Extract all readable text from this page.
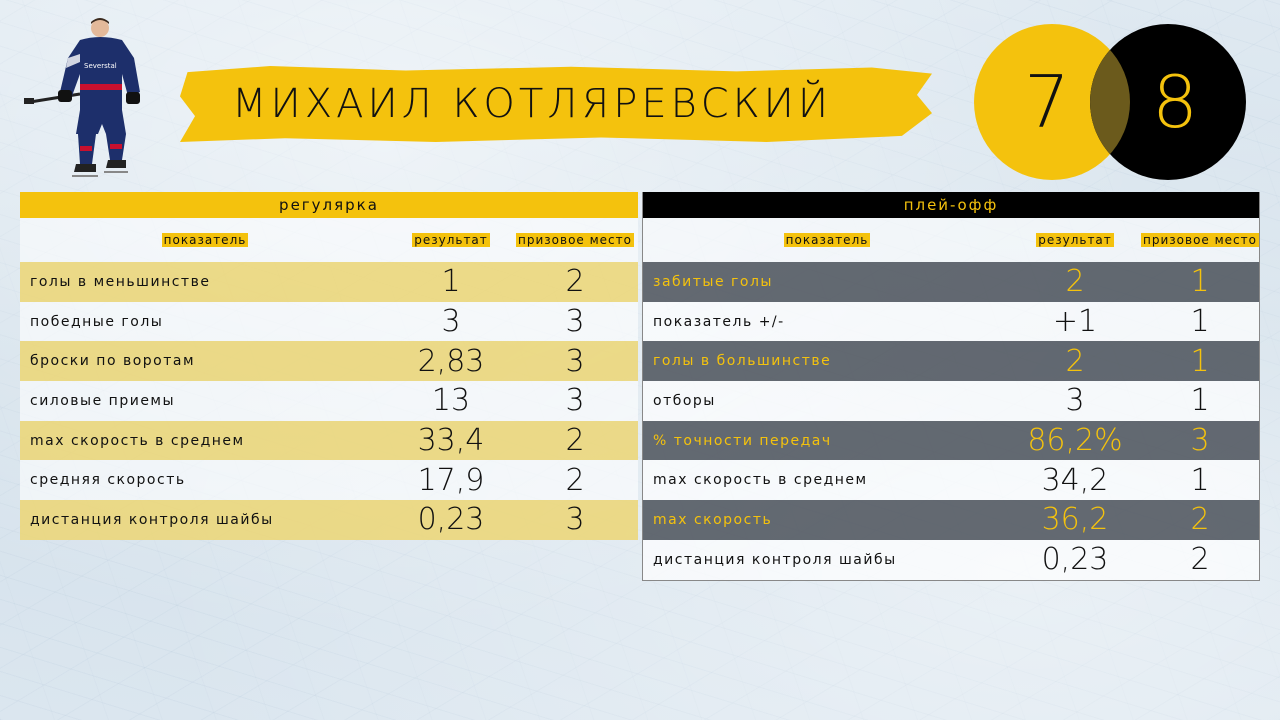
Severstal
МИХАИЛ КОТЛЯРЕВСКИЙ	7	8
регулярка
показатель	результат	призовое место
голы в меньшинстве	1	2
победные голы	3	3
броски по воротам	2,83	3
силовые приемы	13	3
max скорость в среднем	33,4	2
средняя скорость	17,9	2
дистанция контроля шайбы	0,23	3
плей-офф
показатель	результат	призовое место
забитые голы	2	1
показатель +/-	+1	1
голы в большинстве	2	1
отборы	3	1
% точности передач	86,2%	3
max скорость в среднем	34,2	1
max скорость	36,2	2
дистанция контроля шайбы	0,23	2
